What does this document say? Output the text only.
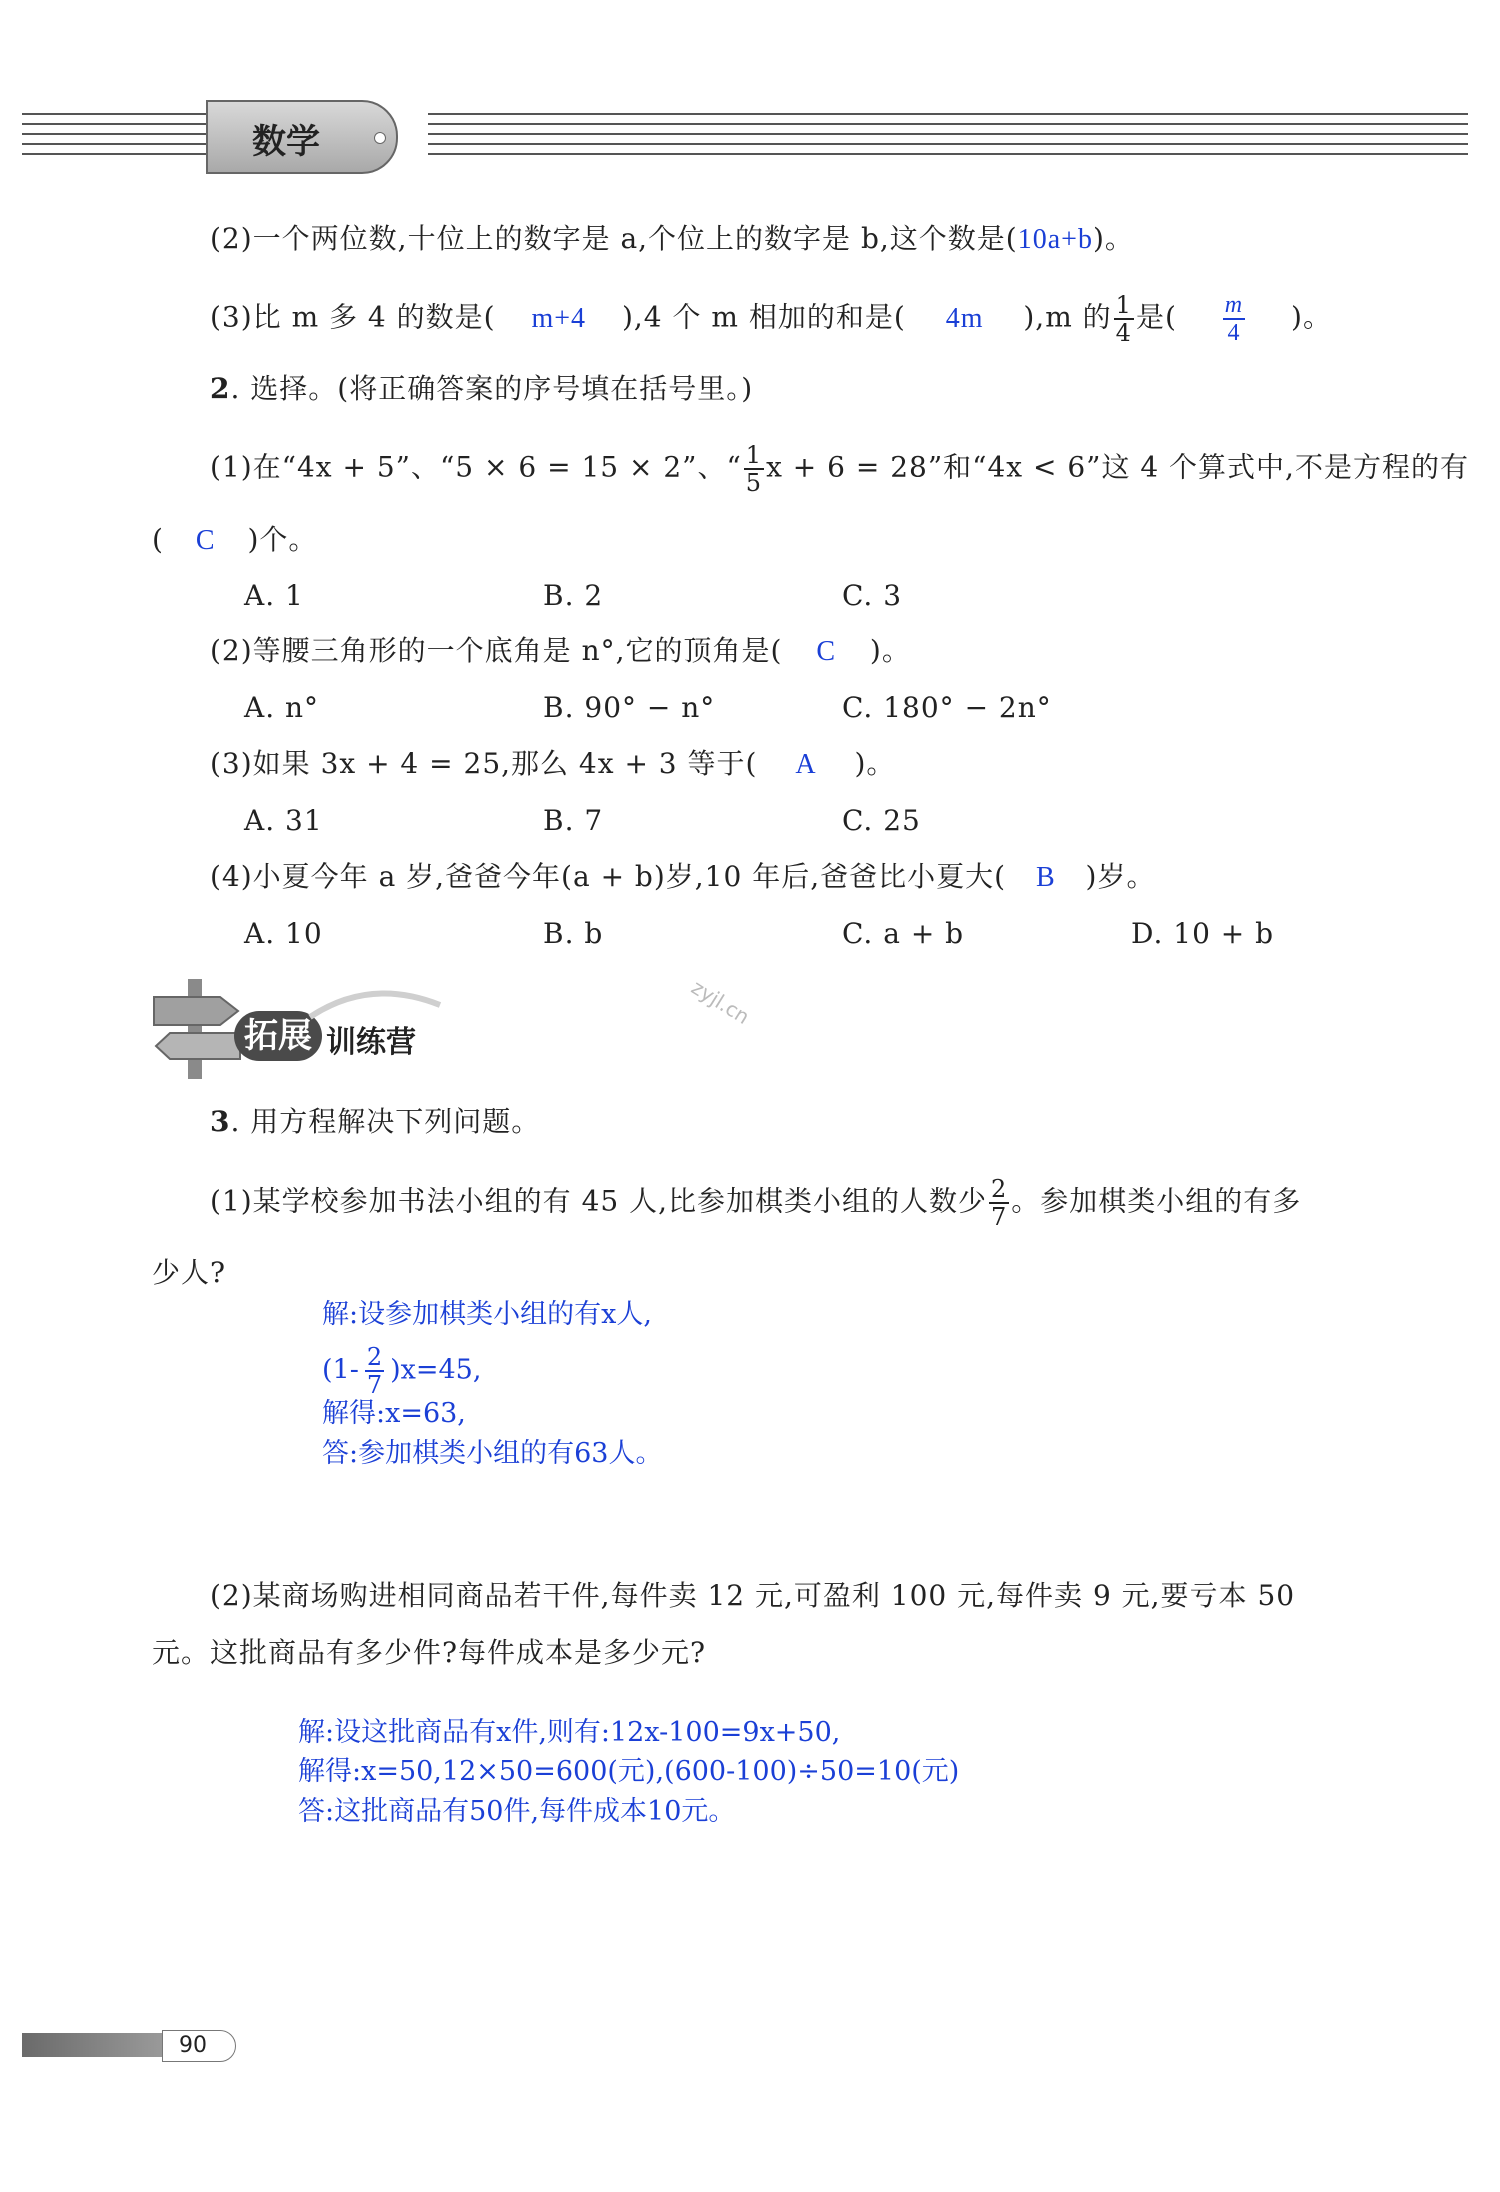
数学
(2)一个两位数,十位上的数字是 a,个位上的数字是 b,这个数是(10a+b)。
(3)比 m 多 4 的数是( m+4 ),4 个 m 相加的和是( 4m ),m 的 $\frac{1}{4}$ 是( $\frac{m}{4}$ )。
2. 选择。(将正确答案的序号填在括号里。)
(1)在“4x + 5”、“5 × 6 = 15 × 2”、“ $\frac{1}{5}$ x + 6 = 28”和“4x < 6”这 4 个算式中,不是方程的有
( C )个。
A. 1	B. 2	C. 3
(2)等腰三角形的一个底角是 n°,它的顶角是( C )。
A. n°	B. 90° − n°	C. 180° − 2n°
(3)如果 3x + 4 = 25,那么 4x + 3 等于( A )。
A. 31	B. 7	C. 25
(4)小夏今年 a 岁,爸爸今年(a + b)岁,10 年后,爸爸比小夏大( B )岁。
A. 10	B. b	C. a + b	D. 10 + b
zyjl.cn
拓展 训练营
3. 用方程解决下列问题。
(1)某学校参加书法小组的有 45 人,比参加棋类小组的人数少 $\frac{2}{7}$ 。参加棋类小组的有多
少人?
解:设参加棋类小组的有x人,
$(1- \frac{2}{7} )x=45$,
解得:x=63,
答:参加棋类小组的有63人。
(2)某商场购进相同商品若干件,每件卖 12 元,可盈利 100 元,每件卖 9 元,要亏本 50
元。这批商品有多少件?每件成本是多少元?
解:设这批商品有x件,则有:12x-100=9x+50,
解得:x=50,12×50=600(元),(600-100)÷50=10(元)
答:这批商品有50件,每件成本10元。
90
